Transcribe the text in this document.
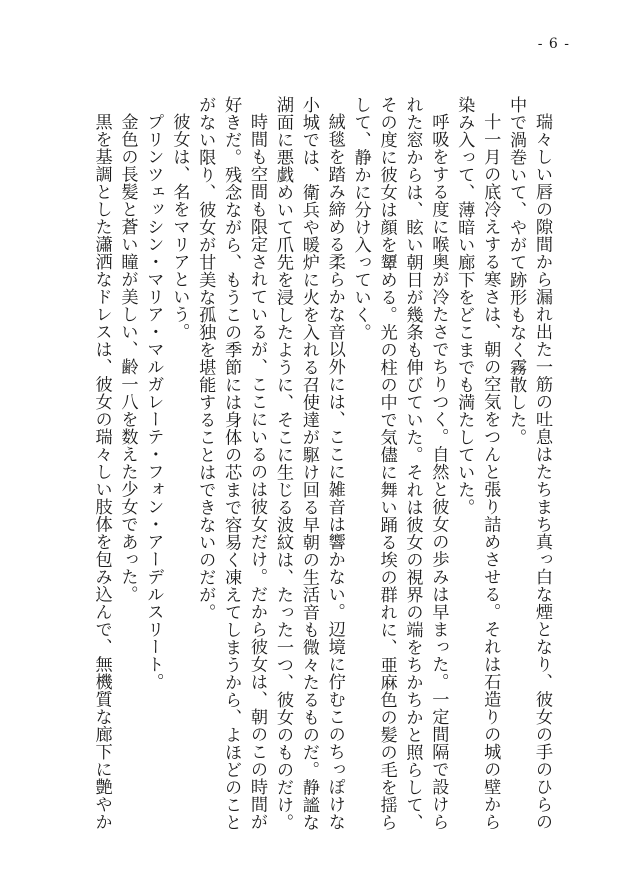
- 6 -

瑞々しい唇の隙間から漏れ出た一筋の吐息はたちまち真っ白な煙となり、彼女の手のひらの中で渦巻いて、やがて跡形もなく霧散した。

十一月の底冷えする寒さは、朝の空気をつんと張り詰めさせる。それは石造りの城の壁から染み入って、薄暗い廊下をどこまでも満たしていた。

呼吸をする度に喉奥が冷たさでちりつく。自然と彼女の歩みは早まった。一定間隔で設けられた窓からは、眩い朝日が幾条も伸びていた。それは彼女の視界の端をちかちかと照らして、その度に彼女は顔を顰める。光の柱の中で気儘に舞い踊る埃の群れに、亜麻色の髪の毛を揺らして、静かに分け入っていく。

絨毯を踏み締める柔らかな音以外には、ここに雑音は響かない。辺境に佇むこのちっぽけな小城では、衛兵や暖炉に火を入れる召使達が駆け回る早朝の生活音も微々たるものだ。静謐な湖面に悪戯めいて爪先を浸したように、そこに生じる波紋は、たった一つ、彼女のものだけ。

時間も空間も限定されているが、ここにいるのは彼女だけ。だから彼女は、朝のこの時間が好きだ。残念ながら、もうこの季節には身体の芯まで容易く凍えてしまうから、よほどのことがない限り、彼女が甘美な孤独を堪能することはできないのだが。

彼女は、名をマリアという。

プリンツェッシン・マリア・マルガレーテ・フォン・アーデルスリート。

金色の長髪と蒼い瞳が美しい、齢一八を数えた少女であった。

黒を基調とした瀟洒なドレスは、彼女の瑞々しい肢体を包み込んで、無機質な廊下に艶やか
